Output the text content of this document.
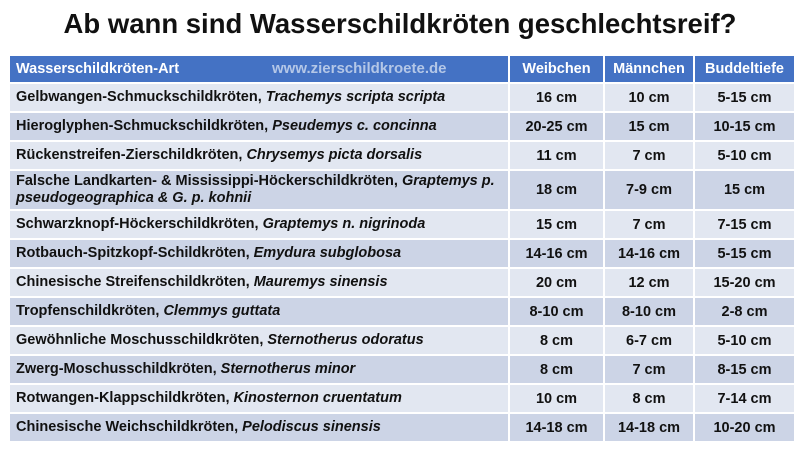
Ab wann sind Wasserschildkröten geschlechtsreif?
Wasserschildkröten-Art www.zierschildkroete.de	Weibchen	Männchen	Buddeltiefe
Gelbwangen-Schmuckschildkröten, Trachemys scripta scripta	16 cm	10 cm	5-15 cm
Hieroglyphen-Schmuckschildkröten, Pseudemys c. concinna	20-25 cm	15 cm	10-15 cm
Rückenstreifen-Zierschildkröten, Chrysemys picta dorsalis	11 cm	7 cm	5-10 cm
Falsche Landkarten- & Mississippi-Höckerschildkröten, Graptemys p. pseudogeographica & G. p. kohnii	18 cm	7-9 cm	15 cm
Schwarzknopf-Höckerschildkröten, Graptemys n. nigrinoda	15 cm	7 cm	7-15 cm
Rotbauch-Spitzkopf-Schildkröten, Emydura subglobosa	14-16 cm	14-16 cm	5-15 cm
Chinesische Streifenschildkröten, Mauremys sinensis	20 cm	12 cm	15-20 cm
Tropfenschildkröten, Clemmys guttata	8-10 cm	8-10 cm	2-8 cm
Gewöhnliche Moschusschildkröten, Sternotherus odoratus	8 cm	6-7 cm	5-10 cm
Zwerg-Moschusschildkröten, Sternotherus minor	8 cm	7 cm	8-15 cm
Rotwangen-Klappschildkröten, Kinosternon cruentatum	10 cm	8 cm	7-14 cm
Chinesische Weichschildkröten, Pelodiscus sinensis	14-18 cm	14-18 cm	10-20 cm
